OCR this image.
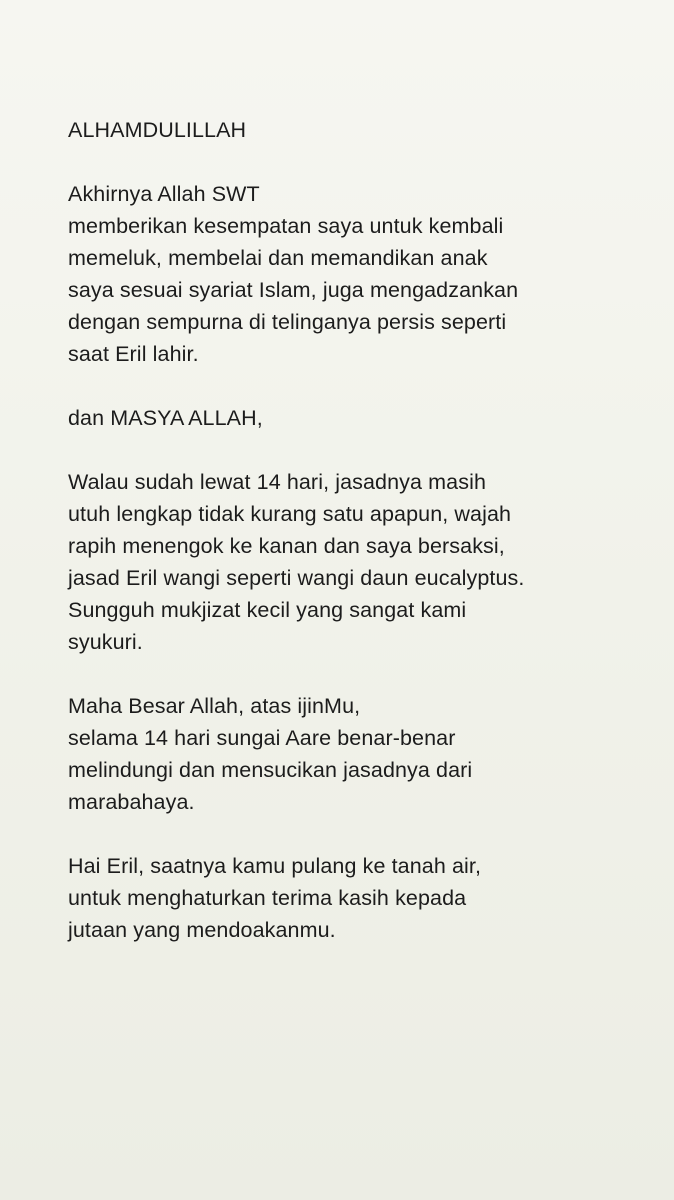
ALHAMDULILLAH
Akhirnya Allah SWT
memberikan kesempatan saya untuk kembali
memeluk, membelai dan memandikan anak
saya sesuai syariat Islam, juga mengadzankan
dengan sempurna di telinganya persis seperti
saat Eril lahir.
dan MASYA ALLAH,
Walau sudah lewat 14 hari, jasadnya masih
utuh lengkap tidak kurang satu apapun, wajah
rapih menengok ke kanan dan saya bersaksi,
jasad Eril wangi seperti wangi daun eucalyptus.
Sungguh mukjizat kecil yang sangat kami
syukuri.
Maha Besar Allah, atas ijinMu,
selama 14 hari sungai Aare benar-benar
melindungi dan mensucikan jasadnya dari
marabahaya.
Hai Eril, saatnya kamu pulang ke tanah air,
untuk menghaturkan terima kasih kepada
jutaan yang mendoakanmu.
